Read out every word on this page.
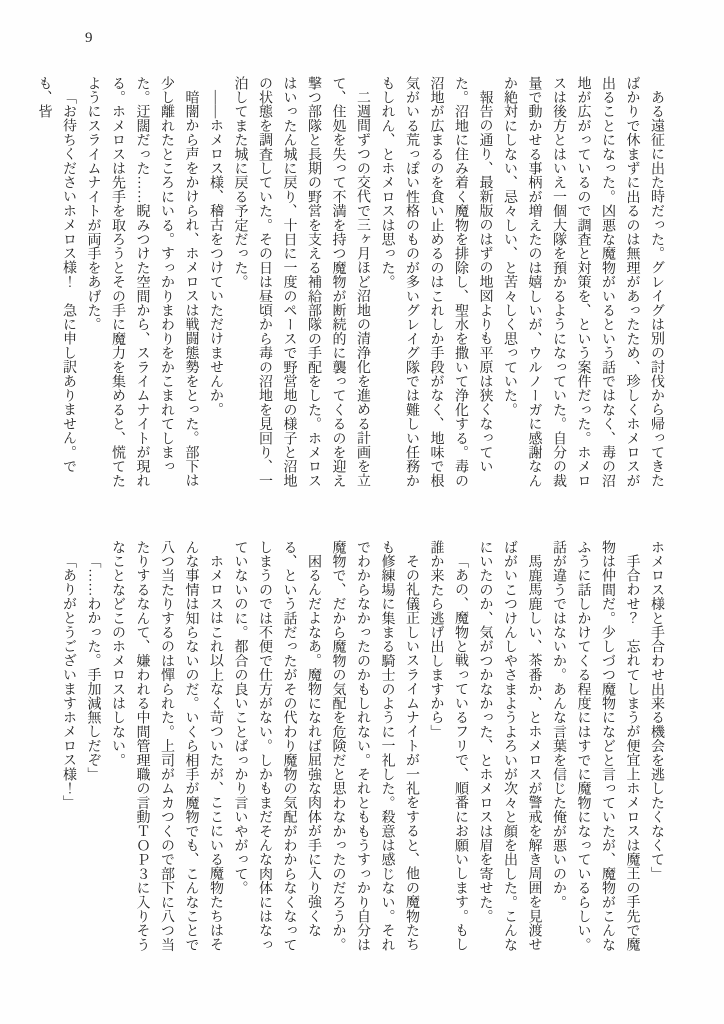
9

ある遠征に出た時だった。グレイグは別の討伐から帰ってきたばかりで休まずに出るのは無理があったため、珍しくホメロスが出ることになった。凶悪な魔物がいるという話ではなく、毒の沼地が広がっているので調査と対策を、という案件だった。ホメロスは後方とはいえ一個大隊を預かるようになっていた。自分の裁量で動かせる事柄が増えたのは嬉しいが、ウルノーガに感謝なんか絶対にしない、忌々しい、と苦々しく思っていた。

報告の通り、最新版のはずの地図よりも平原は狭くなっていた。沼地に住み着く魔物を排除し、聖水を撒いて浄化する。毒の沼地が広まるのを食い止めるのはこれしか手段がなく、地味で根気がいる荒っぽい性格のものが多いグレイグ隊では難しい任務かもしれん、とホメロスは思った。

二週間ずつの交代で三ヶ月ほど沼地の清浄化を進める計画を立て、住処を失って不満を持つ魔物が断続的に襲ってくるのを迎え撃つ部隊と長期の野営を支える補給部隊の手配をした。ホメロスはいったん城に戻り、十日に一度のペースで野営地の様子と沼地の状態を調査していた。その日は昼頃から毒の沼地を見回り、一泊してまた城に戻る予定だった。

――ホメロス様、稽古をつけていただけませんか。

暗闇から声をかけられ、ホメロスは戦闘態勢をとった。部下は少し離れたところにいる。すっかりまわりをかこまれてしまった。迂闊だった……睨みつけた空間から、スライムナイトが現れる。ホメロスは先手を取ろうとその手に魔力を集めると、慌てたようにスライムナイトが両手をあげた。

「お待ちくださいホメロス様！　急に申し訳ありません。でも、皆

ホメロス様と手合わせ出来る機会を逃したくなくて」

手合わせ？　忘れてしまうが便宜上ホメロスは魔王の手先で魔物は仲間だ。少しづつ魔物になどと言っていたが、魔物がこんなふうに話しかけてくる程度にはすでに魔物になっているらしい。話が違うではないか。あんな言葉を信じた俺が悪いのか。

馬鹿馬鹿しい、茶番か、とホメロスが警戒を解き周囲を見渡せばがいこつけんしやさまようよろいが次々と顔を出した。こんなにいたのか、気がつかなかった、とホメロスは眉を寄せた。

「あの、魔物と戦っているフリで、順番にお願いします。もし誰か来たら逃げ出しますから」

その礼儀正しいスライムナイトが一礼をすると、他の魔物たちも修練場に集まる騎士のように一礼した。殺意は感じない。それでわからなかったのかもしれない。それとももうすっかり自分は魔物で、だから魔物の気配を危険だと思わなかったのだろうか。

困るんだよなあ。魔物になれば屈強な肉体が手に入り強くなる、という話だったがその代わり魔物の気配がわからなくなってしまうのでは不便で仕方がない。しかもまだそんな肉体にはなっていないのに。都合の良いことばっかり言いやがって。

ホメロスはこれ以上なく苛ついたが、ここにいる魔物たちはそんな事情は知らないのだ。いくら相手が魔物でも、こんなことで八つ当たりするのは憚られた。上司がムカつくので部下に八つ当たりするなんて、嫌われる中間管理職の言動ＴＯＰ３に入りそうなことなどこのホメロスはしない。

「……わかった。手加減無しだぞ」

「ありがとうございますホメロス様！」
